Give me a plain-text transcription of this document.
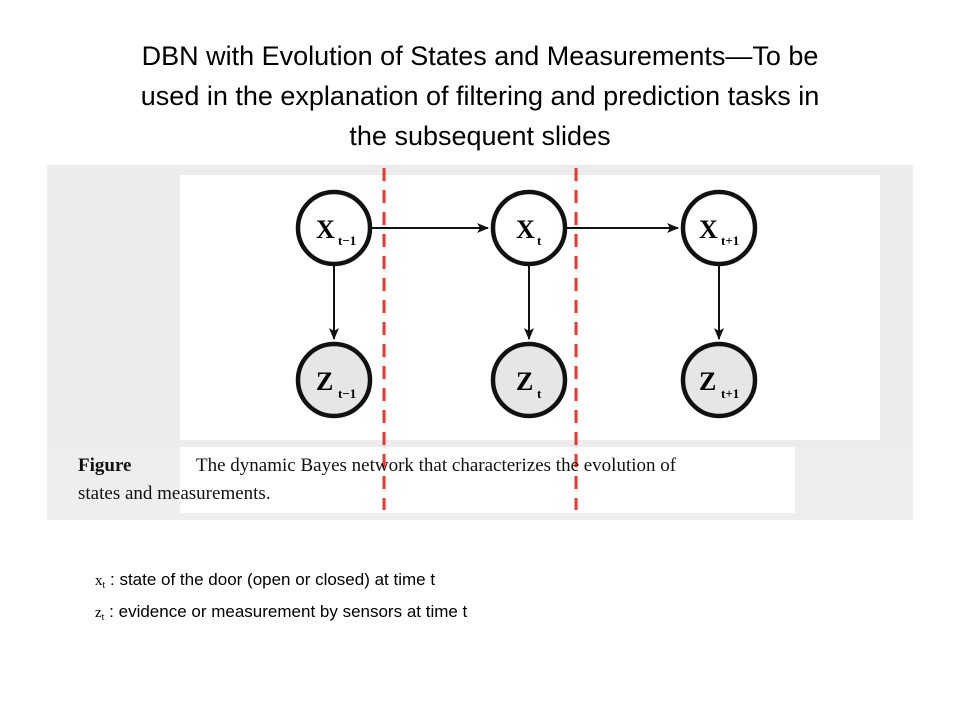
DBN with Evolution of States and Measurements—To be
used in the explanation of filtering and prediction tasks in
the subsequent slides
X t−1	X t	X t+1
Z t−1	Z t	Z t+1
Figure	The dynamic Bayes network that characterizes the evolution of
states and measurements.
$x_t$ : state of the door (open or closed) at time t
$z_t$ : evidence or measurement by sensors at time t
